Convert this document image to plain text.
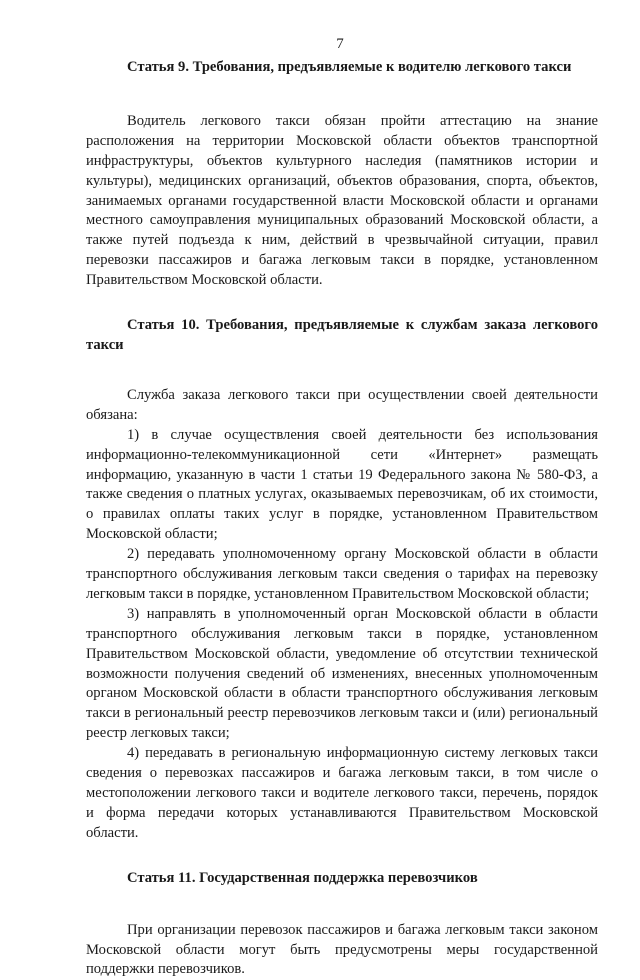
7

Статья 9. Требования, предъявляемые к водителю легкового такси

Водитель легкового такси обязан пройти аттестацию на знание расположения на территории Московской области объектов транспортной инфраструктуры, объектов культурного наследия (памятников истории и культуры), медицинских организаций, объектов образования, спорта, объектов, занимаемых органами государственной власти Московской области и органами местного самоуправления муниципальных образований Московской области, а также путей подъезда к ним, действий в чрезвычайной ситуации, правил перевозки пассажиров и багажа легковым такси в порядке, установленном Правительством Московской области.

Статья 10. Требования, предъявляемые к службам заказа легкового такси

Служба заказа легкового такси при осуществлении своей деятельности обязана:

1) в случае осуществления своей деятельности без использования информационно-телекоммуникационной сети «Интернет» размещать информацию, указанную в части 1 статьи 19 Федерального закона № 580-ФЗ, а также сведения о платных услугах, оказываемых перевозчикам, об их стоимости, о правилах оплаты таких услуг в порядке, установленном Правительством Московской области;

2) передавать уполномоченному органу Московской области в области транспортного обслуживания легковым такси сведения о тарифах на перевозку легковым такси в порядке, установленном Правительством Московской области;

3) направлять в уполномоченный орган Московской области в области транспортного обслуживания легковым такси в порядке, установленном Правительством Московской области, уведомление об отсутствии технической возможности получения сведений об изменениях, внесенных уполномоченным органом Московской области в области транспортного обслуживания легковым такси в региональный реестр перевозчиков легковым такси и (или) региональный реестр легковых такси;

4) передавать в региональную информационную систему легковых такси сведения о перевозках пассажиров и багажа легковым такси, в том числе о местоположении легкового такси и водителе легкового такси, перечень, порядок и форма передачи которых устанавливаются Правительством Московской области.

Статья 11. Государственная поддержка перевозчиков

При организации перевозок пассажиров и багажа легковым такси законом Московской области могут быть предусмотрены меры государственной поддержки перевозчиков.
